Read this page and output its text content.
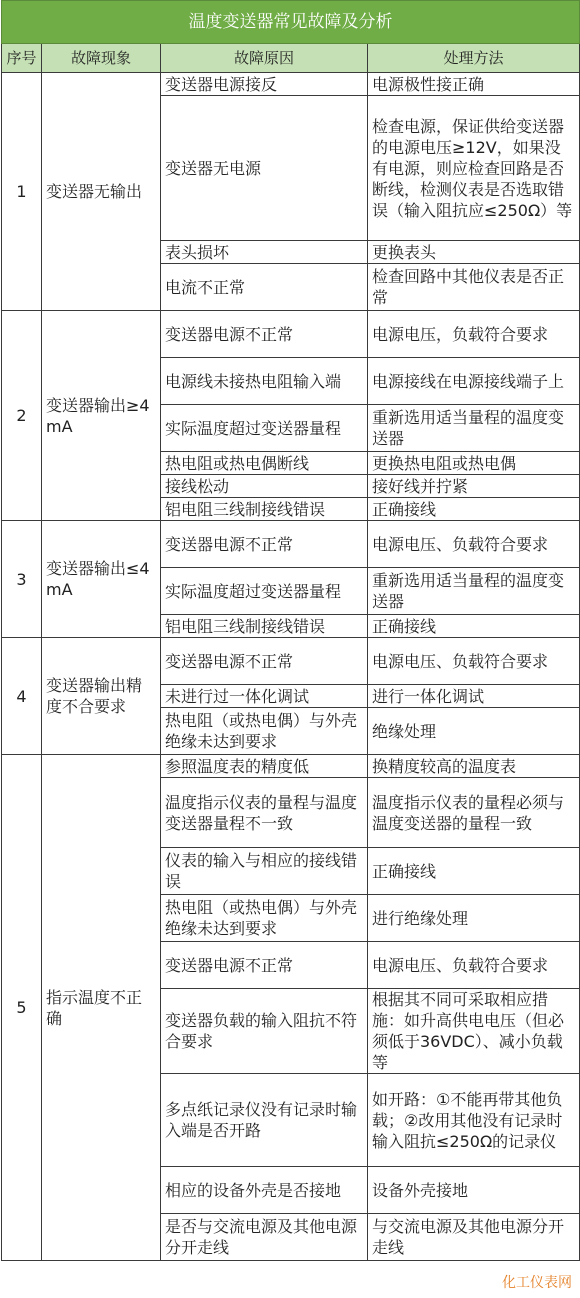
温度变送器常见故障及分析			
序号	故障现象	故障原因	处理方法
1	变送器无输出	变送器电源接反	电源极性接正确
		变送器无电源	检查电源，保证供给变送器的电源电压≥12V，如果没有电源，则应检查回路是否断线，检测仪表是否选取错误（输入阻抗应≤250Ω）等
		表头损坏	更换表头
		电流不正常	检查回路中其他仪表是否正常
2	变送器输出≥4mA	变送器电源不正常	电源电压，负载符合要求
		电源线未接热电阻输入端	电源接线在电源接线端子上
		实际温度超过变送器量程	重新选用适当量程的温度变送器
		热电阻或热电偶断线	更换热电阻或热电偶
		接线松动	接好线并拧紧
		铝电阻三线制接线错误	正确接线
3	变送器输出≤4mA	变送器电源不正常	电源电压、负载符合要求
		实际温度超过变送器量程	重新选用适当量程的温度变送器
		铝电阻三线制接线错误	正确接线
4	变送器输出精度不合要求	变送器电源不正常	电源电压、负载符合要求
		未进行过一体化调试	进行一体化调试
		热电阻（或热电偶）与外壳绝缘未达到要求	绝缘处理
5	指示温度不正确	参照温度表的精度低	换精度较高的温度表
		温度指示仪表的量程与温度变送器量程不一致	温度指示仪表的量程必须与温度变送器的量程一致
		仪表的输入与相应的接线错误	正确接线
		热电阻（或热电偶）与外壳绝缘未达到要求	进行绝缘处理
		变送器电源不正常	电源电压、负载符合要求
		变送器负载的输入阻抗不符合要求	根据其不同可采取相应措施：如升高供电电压（但必须低于36VDC）、减小负载等
		多点纸记录仪没有记录时输入端是否开路	如开路：①不能再带其他负载；②改用其他没有记录时输入阻抗≤250Ω的记录仪
		相应的设备外壳是否接地	设备外壳接地
		是否与交流电源及其他电源分开走线	与交流电源及其他电源分开走线
化工仪表网
